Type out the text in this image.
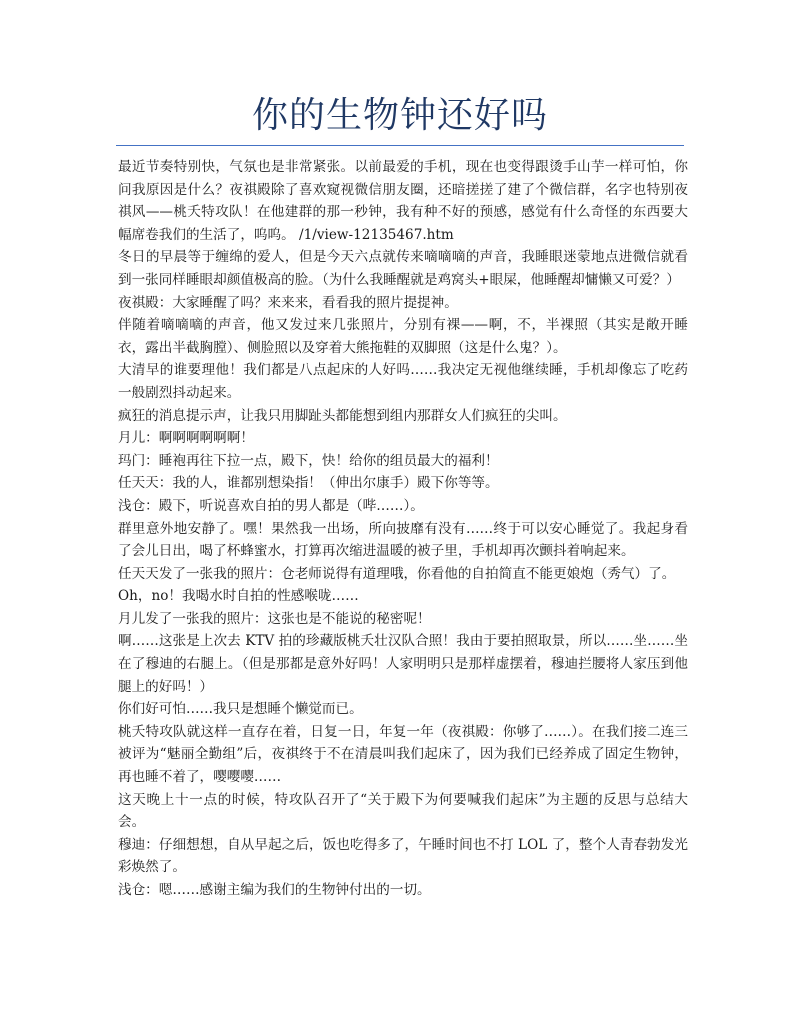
你的生物钟还好吗

最近节奏特别快，气氛也是非常紧张。以前最爱的手机，现在也变得跟烫手山芋一样可怕，你问我原因是什么？夜祺殿除了喜欢窥视微信朋友圈，还暗搓搓了建了个微信群，名字也特别夜祺风——桃夭特攻队！在他建群的那一秒钟，我有种不好的预感，感觉有什么奇怪的东西要大幅席卷我们的生活了，呜呜。 /1/view-12135467.htm

冬日的早晨等于缠绵的爱人，但是今天六点就传来嘀嘀嘀的声音，我睡眼迷蒙地点进微信就看到一张同样睡眼却颜值极高的脸。（为什么我睡醒就是鸡窝头+眼屎，他睡醒却慵懒又可爱？）

夜祺殿：大家睡醒了吗？来来来，看看我的照片提提神。

伴随着嘀嘀嘀的声音，他又发过来几张照片，分别有裸——啊，不，半裸照（其实是敞开睡衣，露出半截胸膛）、侧脸照以及穿着大熊拖鞋的双脚照（这是什么鬼？）。

大清早的谁要理他！我们都是八点起床的人好吗……我决定无视他继续睡，手机却像忘了吃药一般剧烈抖动起来。

疯狂的消息提示声，让我只用脚趾头都能想到组内那群女人们疯狂的尖叫。

月儿：啊啊啊啊啊啊！

玛门：睡袍再往下拉一点，殿下，快！给你的组员最大的福利！

任天天：我的人，谁都别想染指！（伸出尔康手）殿下你等等。

浅仓：殿下，听说喜欢自拍的男人都是（哔……）。

群里意外地安静了。嘿！果然我一出场，所向披靡有没有……终于可以安心睡觉了。我起身看了会儿日出，喝了杯蜂蜜水，打算再次缩进温暖的被子里，手机却再次颤抖着响起来。

任天天发了一张我的照片：仓老师说得有道理哦，你看他的自拍简直不能更娘炮（秀气）了。

Oh，no！我喝水时自拍的性感喉咙……

月儿发了一张我的照片：这张也是不能说的秘密呢！

啊……这张是上次去 KTV 拍的珍藏版桃夭壮汉队合照！我由于要拍照取景，所以……坐……坐在了穆迪的右腿上。（但是那都是意外好吗！人家明明只是那样虚摆着，穆迪拦腰将人家压到他腿上的好吗！）

你们好可怕……我只是想睡个懒觉而已。

桃夭特攻队就这样一直存在着，日复一日，年复一年（夜祺殿：你够了……）。在我们接二连三被评为“魅丽全勤组”后，夜祺终于不在清晨叫我们起床了，因为我们已经养成了固定生物钟，再也睡不着了，嘤嘤嘤……

这天晚上十一点的时候，特攻队召开了“关于殿下为何要喊我们起床”为主题的反思与总结大会。

穆迪：仔细想想，自从早起之后，饭也吃得多了，午睡时间也不打 LOL 了，整个人青春勃发光彩焕然了。

浅仓：嗯……感谢主编为我们的生物钟付出的一切。
